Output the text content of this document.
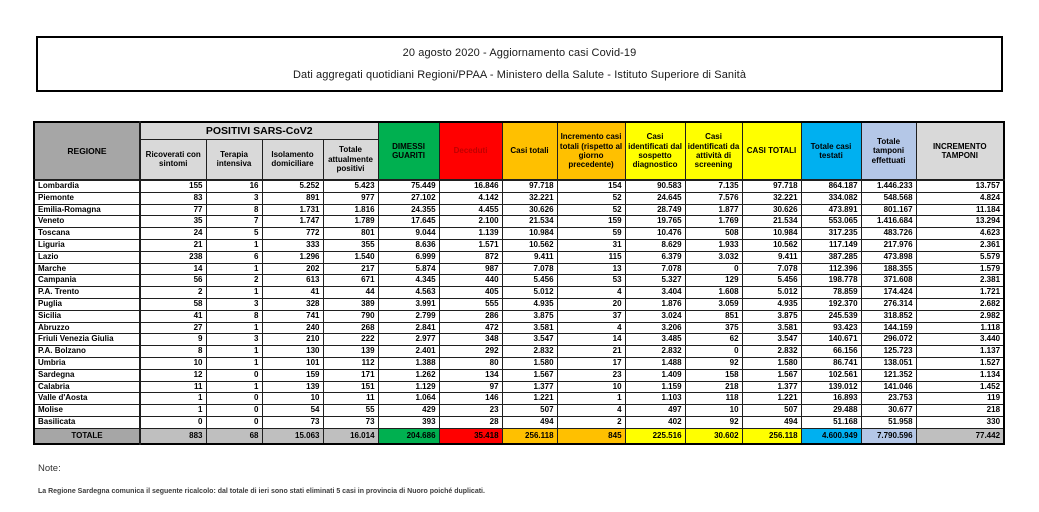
20 agosto 2020 - Aggiornamento casi Covid-19
Dati aggregati quotidiani Regioni/PPAA - Ministero della Salute - Istituto Superiore di Sanità
REGIONE	POSITIVI SARS-CoV2				DIMESSI GUARITI	Deceduti	Casi totali	Incremento casi totali (rispetto al giorno precedente)	Casi identificati dal sospetto diagnostico	Casi identificati da attività di screening	CASI TOTALI	Totale casi testati	Totale tamponi effettuati	INCREMENTO TAMPONI
	Ricoverati con sintomi	Terapia intensiva	Isolamento domiciliare	Totale attualmente positivi										
Lombardia	155	16	5.252	5.423	75.449	16.846	97.718	154	90.583	7.135	97.718	864.187	1.446.233	13.757
Piemonte	83	3	891	977	27.102	4.142	32.221	52	24.645	7.576	32.221	334.082	548.568	4.824
Emilia-Romagna	77	8	1.731	1.816	24.355	4.455	30.626	52	28.749	1.877	30.626	473.891	801.167	11.184
Veneto	35	7	1.747	1.789	17.645	2.100	21.534	159	19.765	1.769	21.534	553.065	1.416.684	13.294
Toscana	24	5	772	801	9.044	1.139	10.984	59	10.476	508	10.984	317.235	483.726	4.623
Liguria	21	1	333	355	8.636	1.571	10.562	31	8.629	1.933	10.562	117.149	217.976	2.361
Lazio	238	6	1.296	1.540	6.999	872	9.411	115	6.379	3.032	9.411	387.285	473.898	5.579
Marche	14	1	202	217	5.874	987	7.078	13	7.078	0	7.078	112.396	188.355	1.579
Campania	56	2	613	671	4.345	440	5.456	53	5.327	129	5.456	198.778	371.608	2.381
P.A. Trento	2	1	41	44	4.563	405	5.012	4	3.404	1.608	5.012	78.859	174.424	1.721
Puglia	58	3	328	389	3.991	555	4.935	20	1.876	3.059	4.935	192.370	276.314	2.682
Sicilia	41	8	741	790	2.799	286	3.875	37	3.024	851	3.875	245.539	318.852	2.982
Abruzzo	27	1	240	268	2.841	472	3.581	4	3.206	375	3.581	93.423	144.159	1.118
Friuli Venezia Giulia	9	3	210	222	2.977	348	3.547	14	3.485	62	3.547	140.671	296.072	3.440
P.A. Bolzano	8	1	130	139	2.401	292	2.832	21	2.832	0	2.832	66.156	125.723	1.137
Umbria	10	1	101	112	1.388	80	1.580	17	1.488	92	1.580	86.741	138.051	1.527
Sardegna	12	0	159	171	1.262	134	1.567	23	1.409	158	1.567	102.561	121.352	1.134
Calabria	11	1	139	151	1.129	97	1.377	10	1.159	218	1.377	139.012	141.046	1.452
Valle d'Aosta	1	0	10	11	1.064	146	1.221	1	1.103	118	1.221	16.893	23.753	119
Molise	1	0	54	55	429	23	507	4	497	10	507	29.488	30.677	218
Basilicata	0	0	73	73	393	28	494	2	402	92	494	51.168	51.958	330
TOTALE	883	68	15.063	16.014	204.686	35.418	256.118	845	225.516	30.602	256.118	4.600.949	7.790.596	77.442
Note:
La Regione Sardegna comunica il seguente ricalcolo: dal totale di ieri sono stati eliminati 5 casi in provincia di Nuoro poiché duplicati.
